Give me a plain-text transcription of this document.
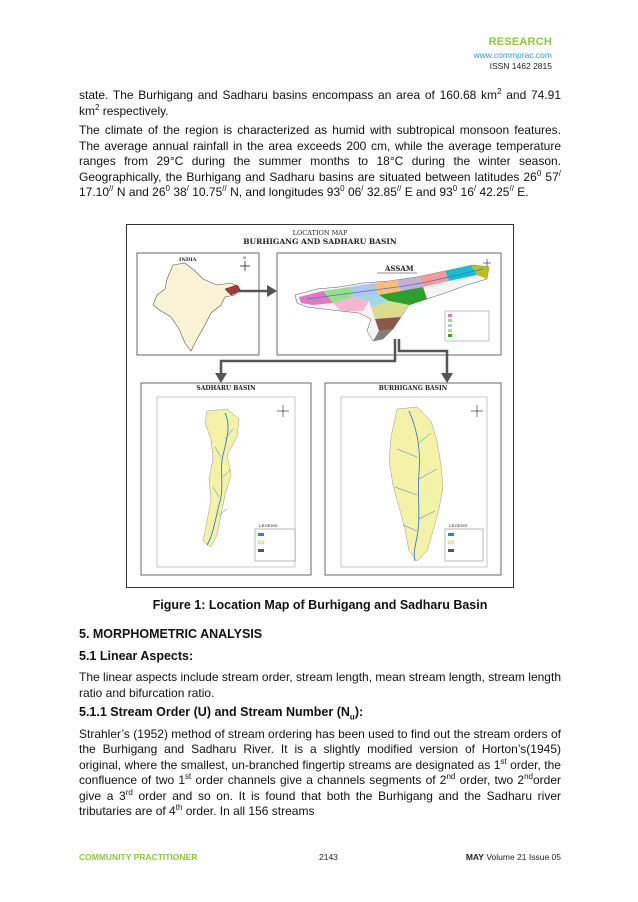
RESEARCH
www.commprac.com
ISSN 1462 2815

state. The Burhigang and Sadharu basins encompass an area of 160.68 $km^2$ and 74.91 $km^2$ respectively.

The climate of the region is characterized as humid with subtropical monsoon features. The average annual rainfall in the area exceeds 200 cm, while the average temperature ranges from 29°C during the summer months to 18°C during the winter season. Geographically, the Burhigang and Sadharu basins are situated between latitudes $26^0$ 57/ 17.10// N and $26^0$ 38/ 10.75// N, and longitudes $93^0$ 06/ 32.85// E and $93^0$ 16/ 42.25// E.

LOCATION MAP
BURHIGANG AND SADHARU BASIN
INDIA	N
ASSAM
SADHARU BASIN
LEGEND
BURHIGANG BASIN
LEGEND
Figure 1: Location Map of Burhigang and Sadharu Basin
5. MORPHOMETRIC ANALYSIS
5.1 Linear Aspects:

The linear aspects include stream order, stream length, mean stream length, stream length ratio and bifurcation ratio.

5.1.1 Stream Order (U) and Stream Number $(N_u)$:

Strahler’s (1952) method of stream ordering has been used to find out the stream orders of the Burhigang and Sadharu River. It is a slightly modified version of Horton’s(1945) original, where the smallest, un-branched fingertip streams are designated as 1st order, the confluence of two 1st order channels give a channels segments of 2nd order, two 2ndorder give a 3rd order and so on. It is found that both the Burhigang and the Sadharu river tributaries are of 4th order. In all 156 streams

COMMUNITY PRACTITIONER	2143	MAY Volume 21 Issue 05
